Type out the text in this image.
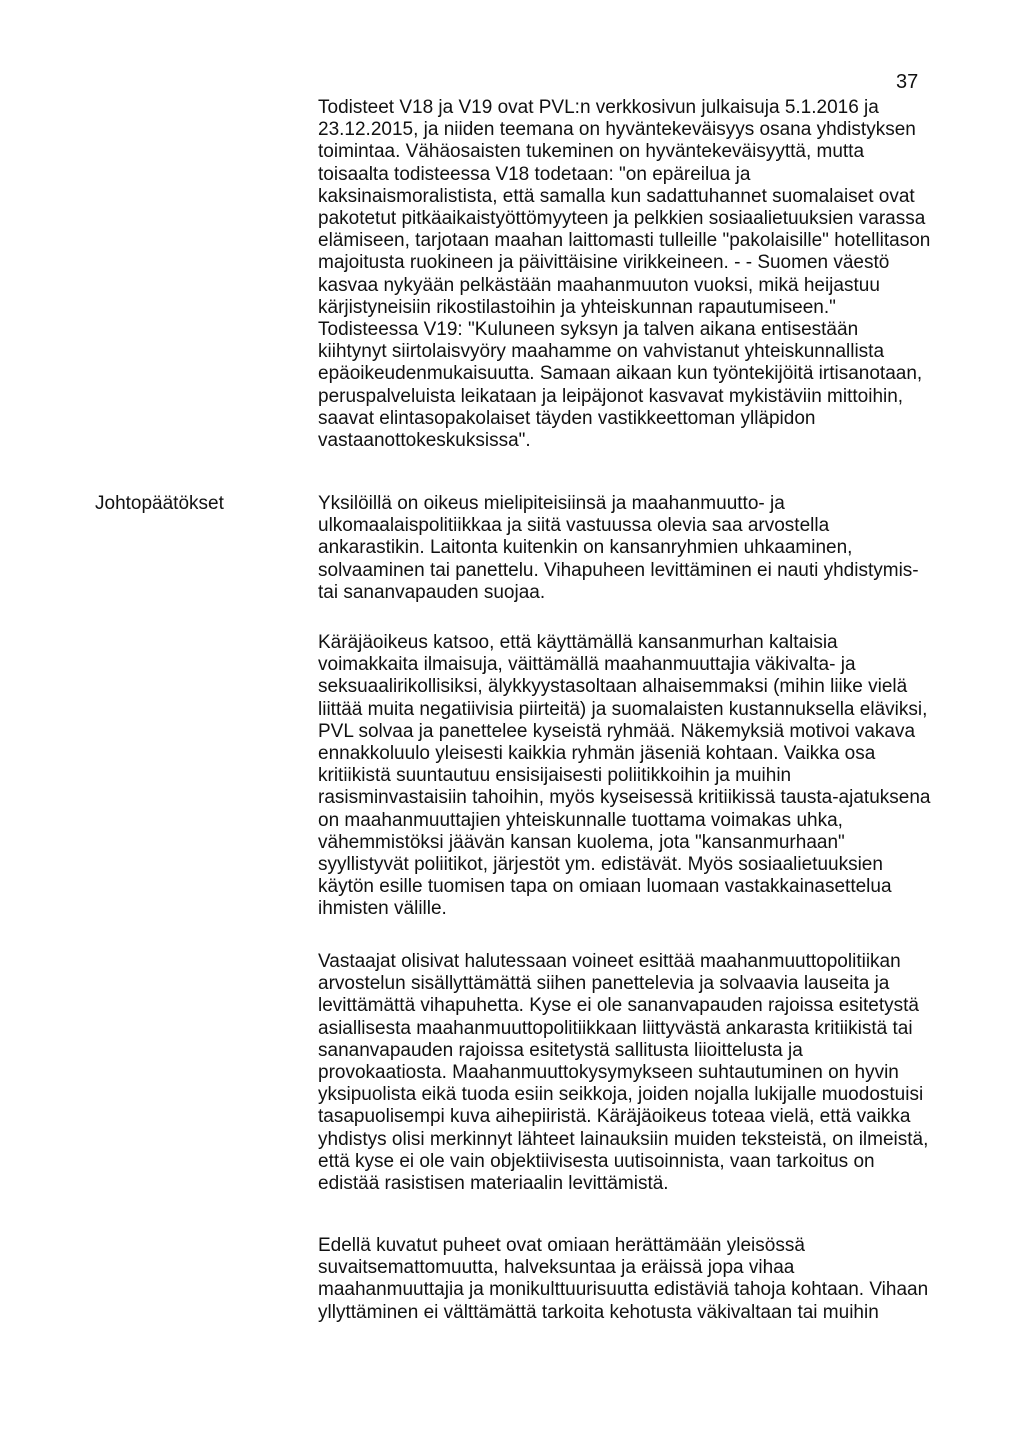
37
Johtopäätökset

Todisteet V18 ja V19 ovat PVL:n verkkosivun julkaisuja 5.1.2016 ja
23.12.2015, ja niiden teemana on hyväntekeväisyys osana yhdistyksen
toimintaa. Vähäosaisten tukeminen on hyväntekeväisyyttä, mutta
toisaalta todisteessa V18 todetaan: "on epäreilua ja
kaksinaismoralistista, että samalla kun sadattuhannet suomalaiset ovat
pakotetut pitkäaikaistyöttömyyteen ja pelkkien sosiaalietuuksien varassa
elämiseen, tarjotaan maahan laittomasti tulleille "pakolaisille" hotellitason
majoitusta ruokineen ja päivittäisine virikkeineen. - - Suomen väestö
kasvaa nykyään pelkästään maahanmuuton vuoksi, mikä heijastuu
kärjistyneisiin rikostilastoihin ja yhteiskunnan rapautumiseen."
Todisteessa V19: "Kuluneen syksyn ja talven aikana entisestään
kiihtynyt siirtolaisvyöry maahamme on vahvistanut yhteiskunnallista
epäoikeudenmukaisuutta. Samaan aikaan kun työntekijöitä irtisanotaan,
peruspalveluista leikataan ja leipäjonot kasvavat mykistäviin mittoihin,
saavat elintasopakolaiset täyden vastikkeettoman ylläpidon
vastaanottokeskuksissa".

Yksilöillä on oikeus mielipiteisiinsä ja maahanmuutto- ja
ulkomaalaispolitiikkaa ja siitä vastuussa olevia saa arvostella
ankarastikin. Laitonta kuitenkin on kansanryhmien uhkaaminen,
solvaaminen tai panettelu. Vihapuheen levittäminen ei nauti yhdistymis-
tai sananvapauden suojaa.

Käräjäoikeus katsoo, että käyttämällä kansanmurhan kaltaisia
voimakkaita ilmaisuja, väittämällä maahanmuuttajia väkivalta- ja
seksuaalirikollisiksi, älykkyystasoltaan alhaisemmaksi (mihin liike vielä
liittää muita negatiivisia piirteitä) ja suomalaisten kustannuksella eläviksi,
PVL solvaa ja panettelee kyseistä ryhmää. Näkemyksiä motivoi vakava
ennakkoluulo yleisesti kaikkia ryhmän jäseniä kohtaan. Vaikka osa
kritiikistä suuntautuu ensisijaisesti poliitikkoihin ja muihin
rasisminvastaisiin tahoihin, myös kyseisessä kritiikissä tausta-ajatuksena
on maahanmuuttajien yhteiskunnalle tuottama voimakas uhka,
vähemmistöksi jäävän kansan kuolema, jota "kansanmurhaan"
syyllistyvät poliitikot, järjestöt ym. edistävät. Myös sosiaalietuuksien
käytön esille tuomisen tapa on omiaan luomaan vastakkainasettelua
ihmisten välille.

Vastaajat olisivat halutessaan voineet esittää maahanmuuttopolitiikan
arvostelun sisällyttämättä siihen panettelevia ja solvaavia lauseita ja
levittämättä vihapuhetta. Kyse ei ole sananvapauden rajoissa esitetystä
asiallisesta maahanmuuttopolitiikkaan liittyvästä ankarasta kritiikistä tai
sananvapauden rajoissa esitetystä sallitusta liioittelusta ja
provokaatiosta. Maahanmuuttokysymykseen suhtautuminen on hyvin
yksipuolista eikä tuoda esiin seikkoja, joiden nojalla lukijalle muodostuisi
tasapuolisempi kuva aihepiiristä. Käräjäoikeus toteaa vielä, että vaikka
yhdistys olisi merkinnyt lähteet lainauksiin muiden teksteistä, on ilmeistä,
että kyse ei ole vain objektiivisesta uutisoinnista, vaan tarkoitus on
edistää rasistisen materiaalin levittämistä.

Edellä kuvatut puheet ovat omiaan herättämään yleisössä
suvaitsemattomuutta, halveksuntaa ja eräissä jopa vihaa
maahanmuuttajia ja monikulttuurisuutta edistäviä tahoja kohtaan. Vihaan
yllyttäminen ei välttämättä tarkoita kehotusta väkivaltaan tai muihin
